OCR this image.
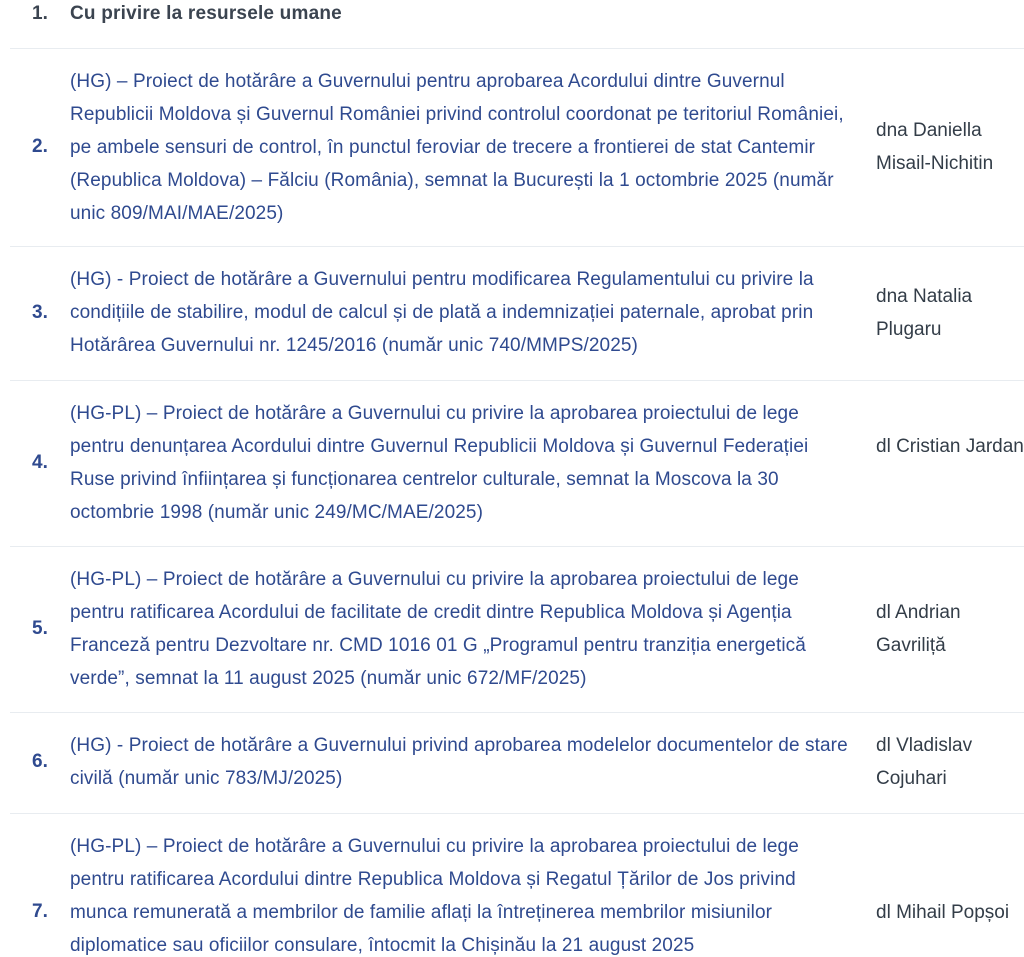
1.	Cu privire la resursele umane
2.
(HG) – Proiect de hotărâre a Guvernului pentru aprobarea Acordului dintre Guvernul Republicii Moldova și Guvernul României privind controlul coordonat pe teritoriul României, pe ambele sensuri de control, în punctul feroviar de trecere a frontierei de stat Cantemir (Republica Moldova) – Fălciu (România), semnat la București la 1 octombrie 2025 (număr unic 809/MAI/MAE/2025)
dna Daniella Misail-Nichitin
3.
(HG) - Proiect de hotărâre a Guvernului pentru modificarea Regulamentului cu privire la condițiile de stabilire, modul de calcul și de plată a indemnizației paternale, aprobat prin Hotărârea Guvernului nr. 1245/2016 (număr unic 740/MMPS/2025)
dna Natalia Plugaru
4.
(HG-PL) – Proiect de hotărâre a Guvernului cu privire la aprobarea proiectului de lege pentru denunțarea Acordului dintre Guvernul Republicii Moldova și Guvernul Federației Ruse privind înființarea și funcționarea centrelor culturale, semnat la Moscova la 30 octombrie 1998 (număr unic 249/MC/MAE/2025)
dl Cristian Jardan
5.
(HG-PL) – Proiect de hotărâre a Guvernului cu privire la aprobarea proiectului de lege pentru ratificarea Acordului de facilitate de credit dintre Republica Moldova și Agenția Franceză pentru Dezvoltare nr. CMD 1016 01 G „Programul pentru tranziția energetică verde”, semnat la 11 august 2025 (număr unic 672/MF/2025)
dl Andrian Gavriliță
6.
(HG) - Proiect de hotărâre a Guvernului privind aprobarea modelelor documentelor de stare civilă (număr unic 783/MJ/2025)
dl Vladislav Cojuhari
7.
(HG-PL) – Proiect de hotărâre a Guvernului cu privire la aprobarea proiectului de lege pentru ratificarea Acordului dintre Republica Moldova și Regatul Țărilor de Jos privind munca remunerată a membrilor de familie aflați la întreținerea membrilor misiunilor diplomatice sau oficiilor consulare, întocmit la Chișinău la 21 august 2025
dl Mihail Popșoi
